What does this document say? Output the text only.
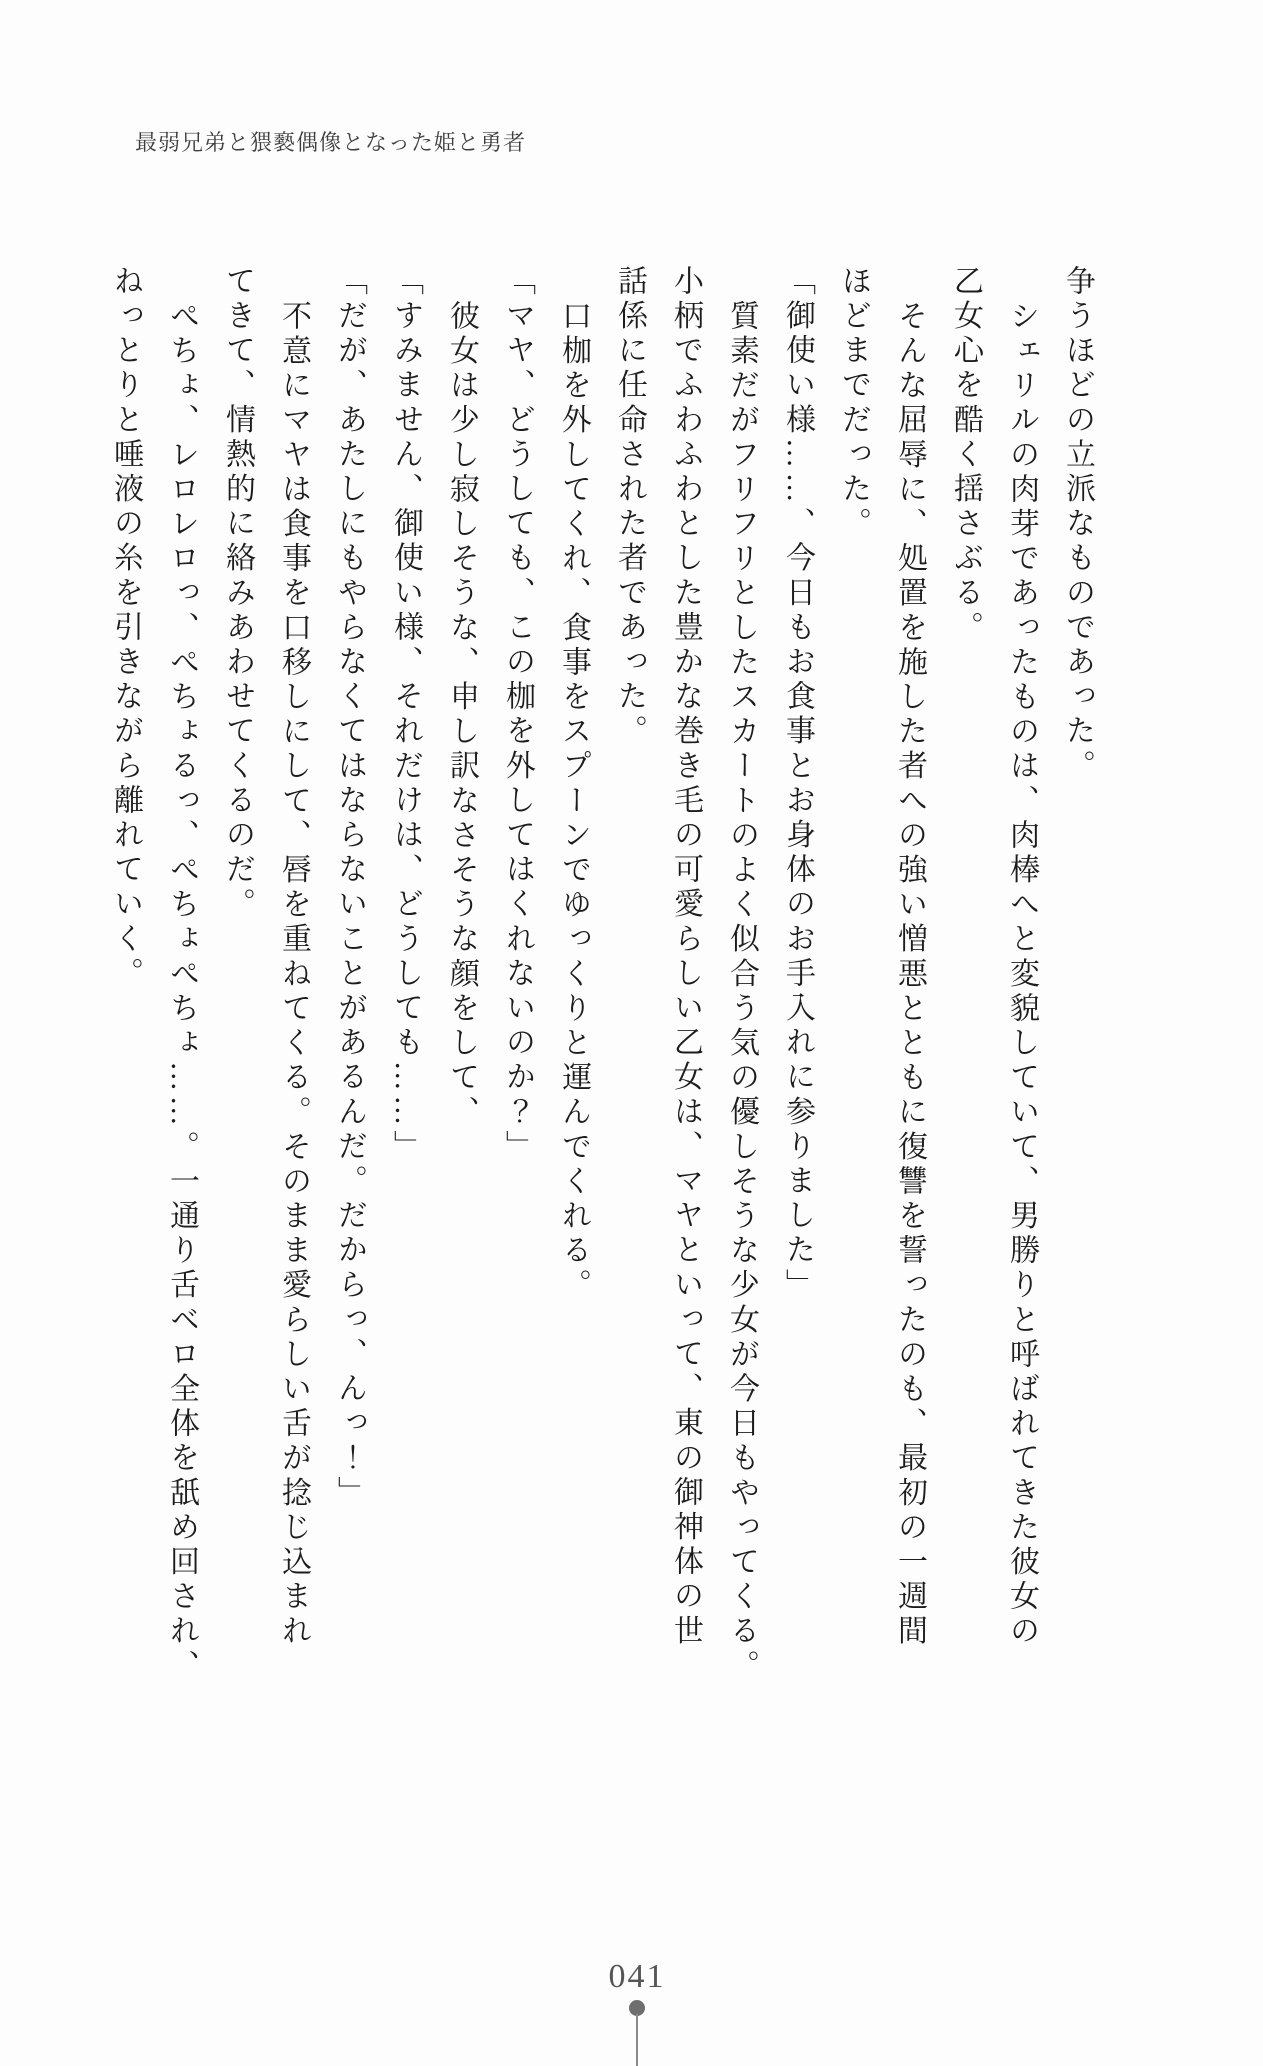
最弱兄弟と猥褻偶像となった姫と勇者

争うほどの立派なものであった。

シェリルの肉芽であったものは、肉棒へと変貌していて、男勝りと呼ばれてきた彼女の

乙女心を酷く揺さぶる。

そんな屈辱に、処置を施した者への強い憎悪とともに復讐を誓ったのも、最初の一週間

ほどまでだった。

「御使い様……、今日もお食事とお身体のお手入れに参りました」

質素だがフリフリとしたスカートのよく似合う気の優しそうな少女が今日もやってくる。

小柄でふわふわとした豊かな巻き毛の可愛らしい乙女は、マヤといって、東の御神体の世

話係に任命された者であった。

口枷を外してくれ、食事をスプーンでゆっくりと運んでくれる。

「マヤ、どうしても、この枷を外してはくれないのか？」

彼女は少し寂しそうな、申し訳なさそうな顔をして、

「すみません、御使い様、それだけは、どうしても……」

「だが、あたしにもやらなくてはならないことがあるんだ。だからっ、んっ！」

不意にマヤは食事を口移しにして、唇を重ねてくる。そのまま愛らしい舌が捻じ込まれ

てきて、情熱的に絡みあわせてくるのだ。

ぺちょ、レロレロっ、ぺちょるっ、ぺちょぺちょ……。一通り舌ベロ全体を舐め回され、

ねっとりと唾液の糸を引きながら離れていく。

041
